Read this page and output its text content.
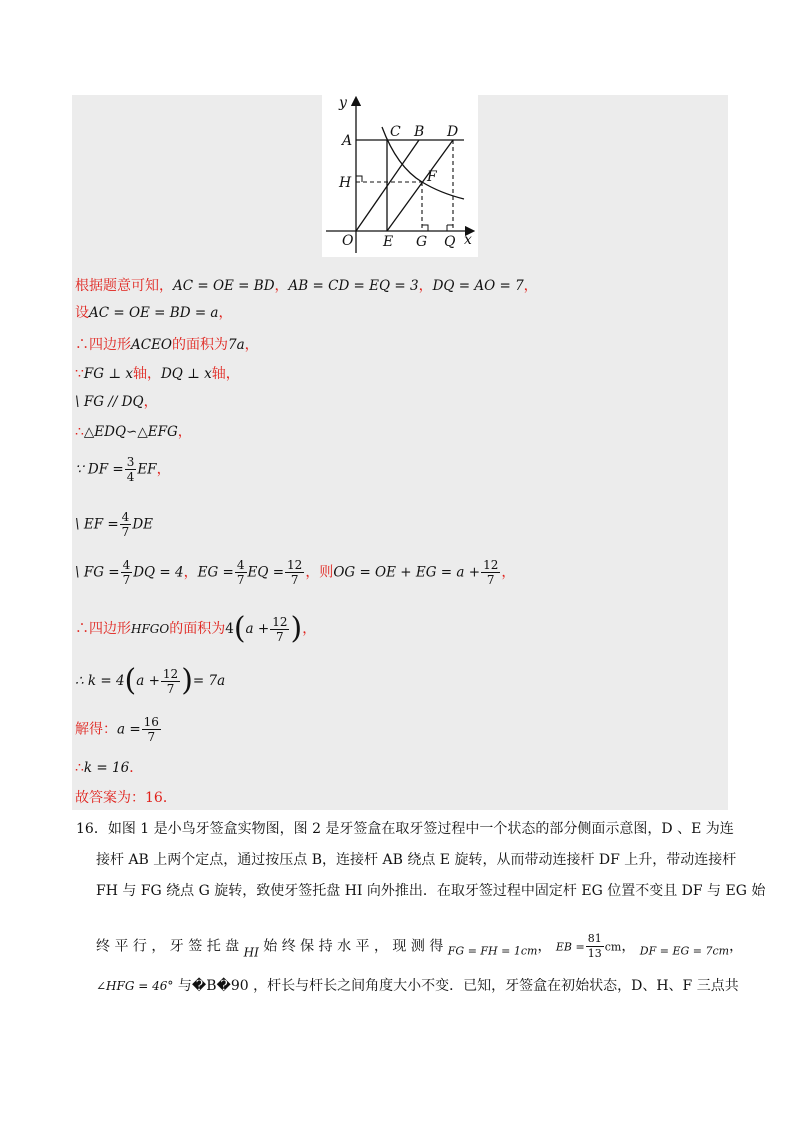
y
A
H
O
C B D
F
E G Q x
根据题意可知，AC = OE = BD，AB = CD = EQ = 3，DQ = AO = 7，
设AC = OE = BD = a，
∴四边形ACEO的面积为7a，
∵FG ⊥ x轴，DQ ⊥ x轴，
\ FG // DQ，
∴△EDQ∽△EFG，
∵ DF = $\frac{3}{4}$ EF，
\ EF = $\frac{4}{7}$ DE
\ FG = $\frac{4}{7}$ DQ = 4，EG = $\frac{4}{7}$ EQ = $\frac{12}{7}$ ，则OG = OE + EG = $a + \frac{12}{7}$ ，
∴四边形HFGO的面积为$4(a + \frac{12}{7}$ )，
∴ $k = 4(a + \frac{12}{7}$ )= 7a
解得：$a = \frac{16}{7}$
∴k = 16．
故答案为：16．
16．如图 1 是小鸟牙签盒实物图，图 2 是牙签盒在取牙签过程中一个状态的部分侧面示意图，D 、E 为连
接杆 AB 上两个定点，通过按压点 B，连接杆 AB 绕点 E 旋转，从而带动连接杆 DF 上升，带动连接杆
FH 与 FG 绕点 G 旋转，致使牙签托盘 HI 向外推出．在取牙签过程中固定杆 EG 位置不变且 DF 与 EG 始
终 平 行 ， 牙 签 托 盘 HI 始 终 保 持 水 平 ， 现 测 得 $_{FG = FH = 1cm}$， EB = $\frac{81}{13}$ cm， $_{DF = EG = 7cm}$，
∠HFG = 46° 与�B�90 ，杆长与杆长之间角度大小不变．已知，牙签盒在初始状态，D、H、F 三点共
